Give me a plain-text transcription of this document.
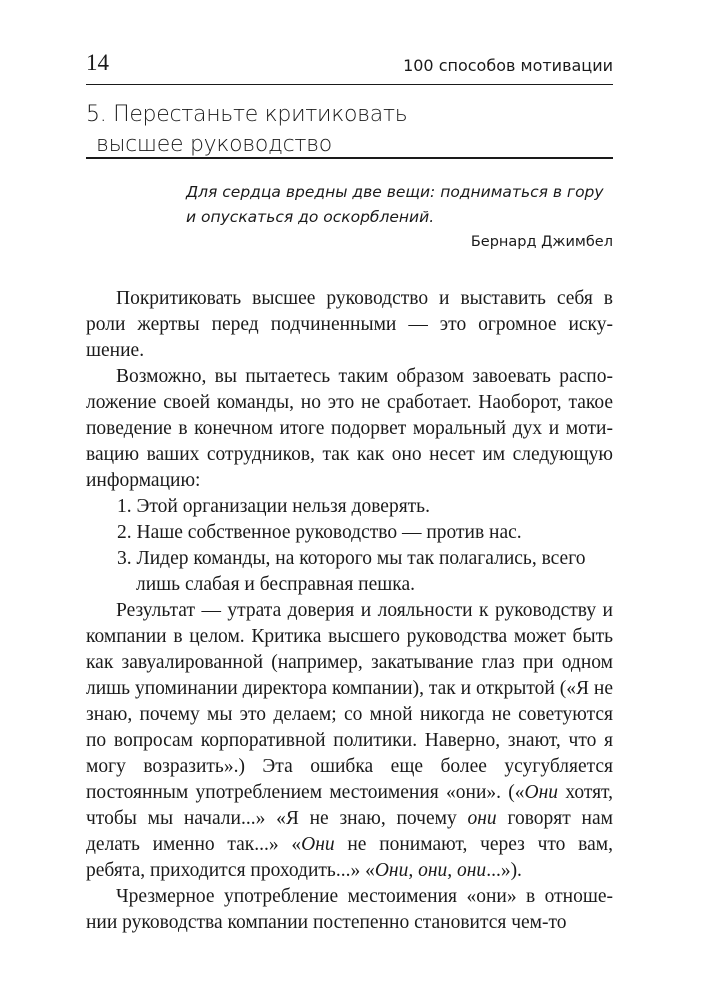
14	100 способов мотивации
5. Перестаньте критиковать
высшее руководство
Для сердца вредны две вещи: подниматься в гору
и опускаться до оскорблений.
Бернард Джимбел

Покритиковать высшее руководство и выставить себя в роли жертвы перед подчиненными — это огромное искушение.

Возможно, вы пытаетесь таким образом завоевать расположение своей команды, но это не сработает. Наоборот, такое поведение в конечном итоге подорвет моральный дух и мотивацию ваших сотрудников, так как оно несет им следующую информацию:

1. Этой организации нельзя доверять.

2. Наше собственное руководство — против нас.

3. Лидер команды, на которого мы так полагались, всего лишь слабая и бесправная пешка.

Результат — утрата доверия и лояльности к руководству и компании в целом. Критика высшего руководства может быть как завуалированной (например, закатывание глаз при одном лишь упоминании директора компании), так и открытой («Я не знаю, почему мы это делаем; со мной никогда не советуются по вопросам корпоративной политики. Наверно, знают, что я могу возразить».) Эта ошибка еще более усугубляется постоянным употреблением местоимения «они». («Они хотят, чтобы мы начали...» «Я не знаю, почему они говорят нам делать именно так...» «Они не понимают, через что вам, ребята, приходится проходить...» «Они, они, они...»).

Чрезмерное употребление местоимения «они» в отношении руководства компании постепенно становится чем-то
